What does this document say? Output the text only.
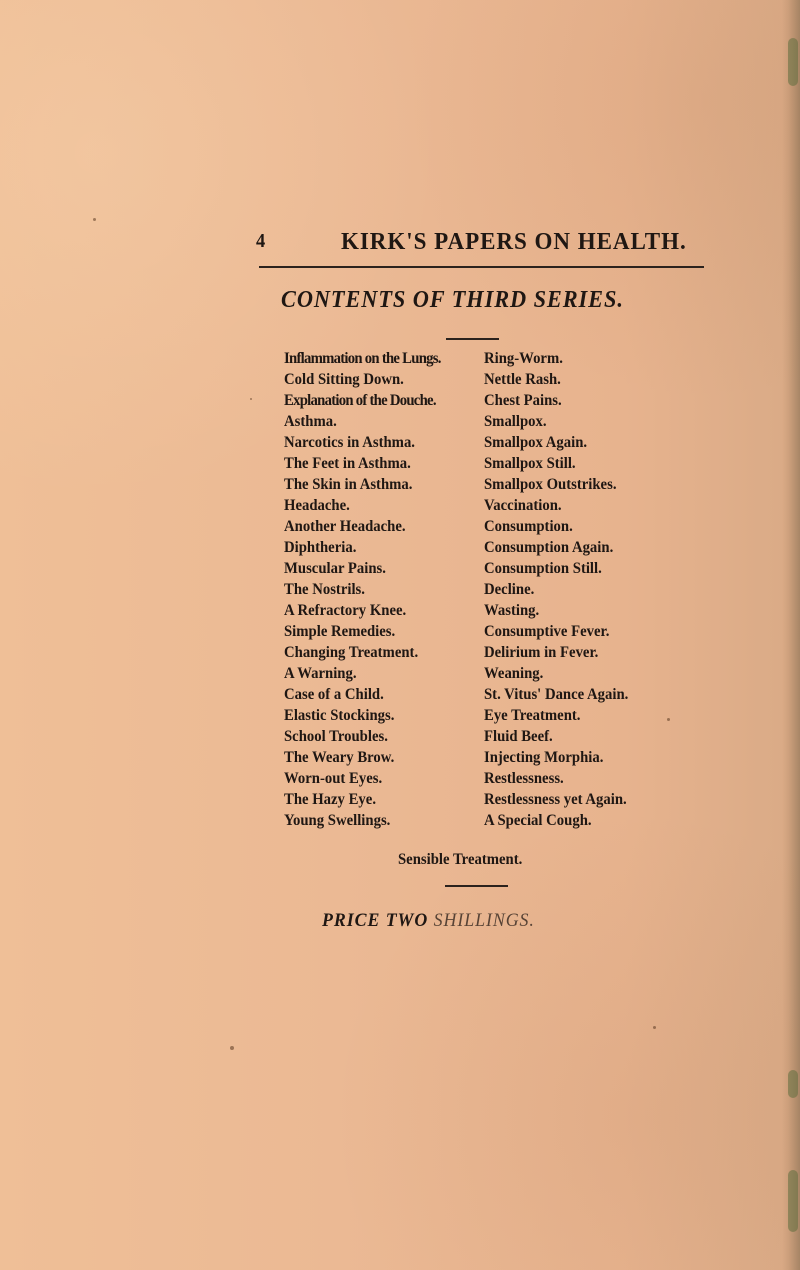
4	KIRK'S PAPERS ON HEALTH.
CONTENTS OF THIRD SERIES.
Inflammation on the Lungs.
Cold Sitting Down.
Explanation of the Douche.
Asthma.
Narcotics in Asthma.
The Feet in Asthma.
The Skin in Asthma.
Headache.
Another Headache.
Diphtheria.
Muscular Pains.
The Nostrils.
A Refractory Knee.
Simple Remedies.
Changing Treatment.
A Warning.
Case of a Child.
Elastic Stockings.
School Troubles.
The Weary Brow.
Worn-out Eyes.
The Hazy Eye.
Young Swellings.
Ring-Worm.
Nettle Rash.
Chest Pains.
Smallpox.
Smallpox Again.
Smallpox Still.
Smallpox Outstrikes.
Vaccination.
Consumption.
Consumption Again.
Consumption Still.
Decline.
Wasting.
Consumptive Fever.
Delirium in Fever.
Weaning.
St. Vitus' Dance Again.
Eye Treatment.
Fluid Beef.
Injecting Morphia.
Restlessness.
Restlessness yet Again.
A Special Cough.
Sensible Treatment.
PRICE TWO SHILLINGS.
